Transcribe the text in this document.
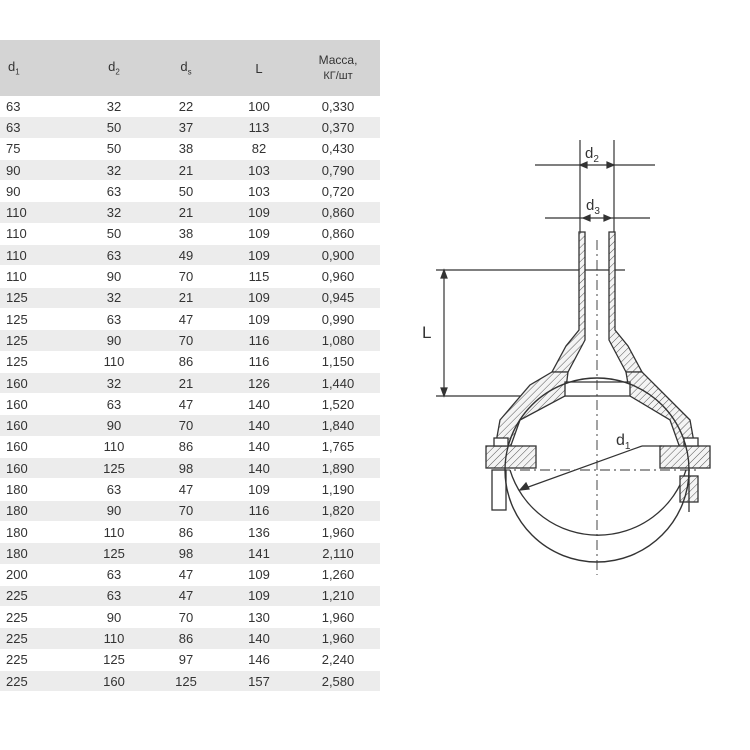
$d_1$	$d_2$	$d_s$	L	Масса,
КГ/шт

63	32	22	100	0,330
63	50	37	113	0,370
75	50	38	82	0,430
90	32	21	103	0,790
90	63	50	103	0,720
110	32	21	109	0,860
110	50	38	109	0,860
110	63	49	109	0,900
110	90	70	115	0,960
125	32	21	109	0,945
125	63	47	109	0,990
125	90	70	116	1,080
125	110	86	116	1,150
160	32	21	126	1,440
160	63	47	140	1,520
160	90	70	140	1,840
160	110	86	140	1,765
160	125	98	140	1,890
180	63	47	109	1,190
180	90	70	116	1,820
180	110	86	136	1,960
180	125	98	141	2,110
200	63	47	109	1,260
225	63	47	109	1,210
225	90	70	130	1,960
225	110	86	140	1,960
225	125	97	146	2,240
225	160	125	157	2,580
$d_2$
$d_3$
L
$d_1$
